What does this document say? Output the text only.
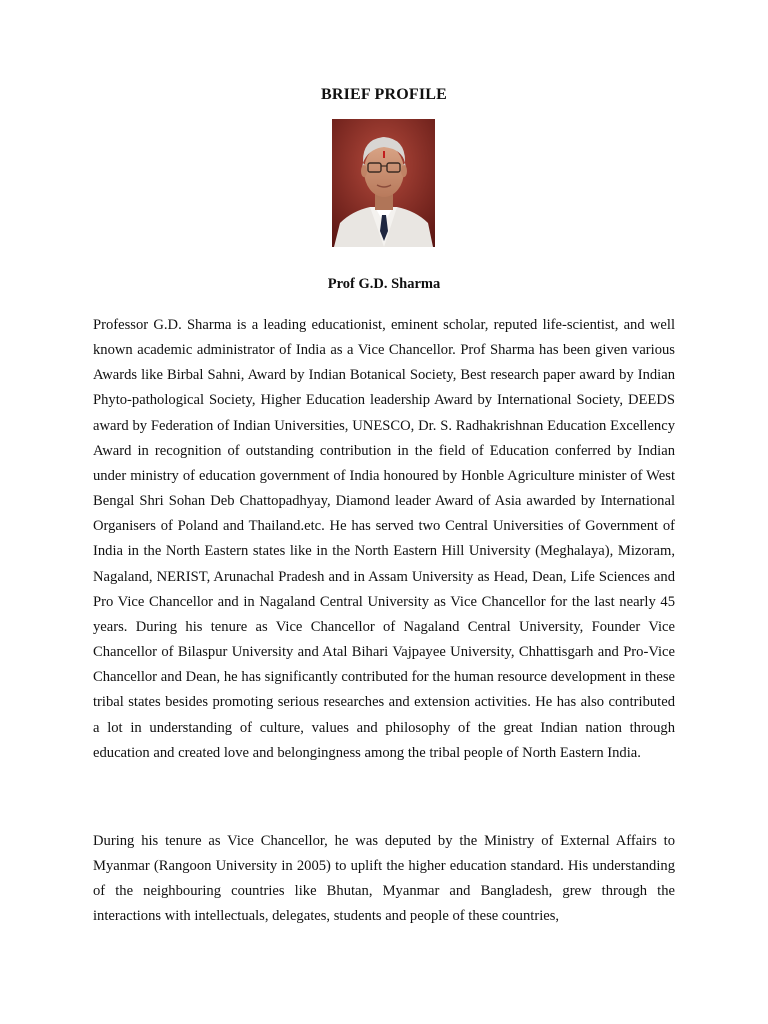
BRIEF PROFILE
Prof G.D. Sharma

Professor G.D. Sharma is a leading educationist, eminent scholar, reputed life-scientist, and well known academic administrator of India as a Vice Chancellor. Prof Sharma has been given various Awards like Birbal Sahni, Award by Indian Botanical Society, Best research paper award by Indian Phyto-pathological Society, Higher Education leadership Award by International Society, DEEDS award by Federation of Indian Universities, UNESCO, Dr. S. Radhakrishnan Education Excellency Award in recognition of outstanding contribution in the field of Education conferred by Indian under ministry of education government of India honoured by Honble Agriculture minister of West Bengal Shri Sohan Deb Chattopadhyay, Diamond leader Award of Asia awarded by International Organisers of Poland and Thailand.etc. He has served two Central Universities of Government of India in the North Eastern states like in the North Eastern Hill University (Meghalaya), Mizoram, Nagaland, NERIST, Arunachal Pradesh and in Assam University as Head, Dean, Life Sciences and Pro Vice Chancellor and in Nagaland Central University as Vice Chancellor for the last nearly 45 years. During his tenure as Vice Chancellor of Nagaland Central University, Founder Vice Chancellor of Bilaspur University and Atal Bihari Vajpayee University, Chhattisgarh and Pro-Vice Chancellor and Dean, he has significantly contributed for the human resource development in these tribal states besides promoting serious researches and extension activities. He has also contributed a lot in understanding of culture, values and philosophy of the great Indian nation through education and created love and belongingness among the tribal people of North Eastern India.

During his tenure as Vice Chancellor, he was deputed by the Ministry of External Affairs to Myanmar (Rangoon University in 2005) to uplift the higher education standard. His understanding of the neighbouring countries like Bhutan, Myanmar and Bangladesh, grew through the interactions with intellectuals, delegates, students and people of these countries,
